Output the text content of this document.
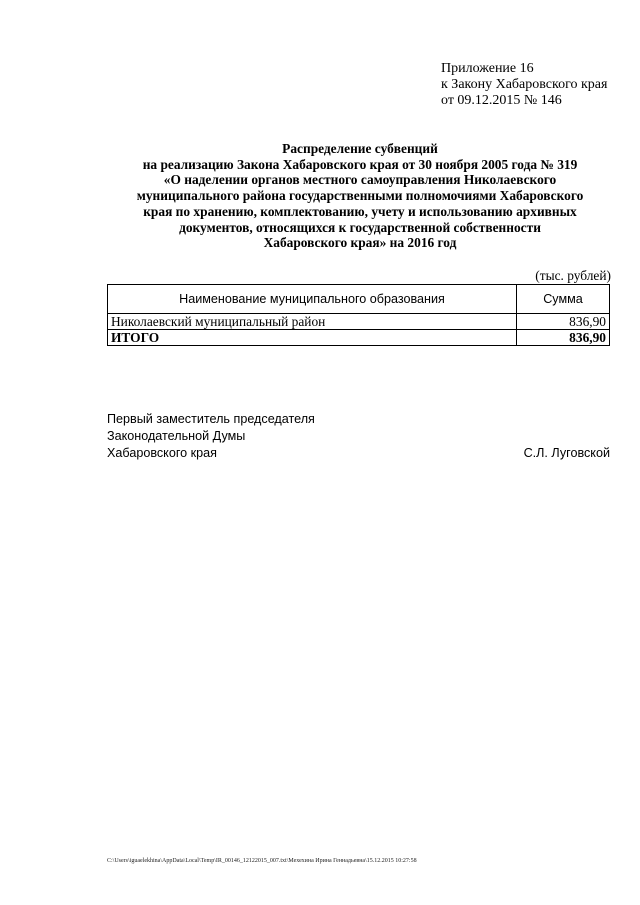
Приложение 16
к Закону Хабаровского края
от 09.12.2015 № 146
Распределение субвенций
на реализацию Закона Хабаровского края от 30 ноября 2005 года № 319
«О наделении органов местного самоуправления Николаевского
муниципального района государственными полномочиями Хабаровского
края по хранению, комплектованию, учету и использованию архивных
документов, относящихся к государственной собственности
Хабаровского края» на 2016 год
(тыс. рублей)
Наименование муниципального образования	Сумма
Николаевский муниципальный район	836,90
ИТОГО	836,90
Первый заместитель председателя
Законодательной Думы
Хабаровского края	С.Л. Луговской
C:\Users\iguaelekhina\AppData\Local\Temp\IR_00146_12122015_007.txt\Мехехина Ирина Геннадьевна\15.12.2015 10:27:58
